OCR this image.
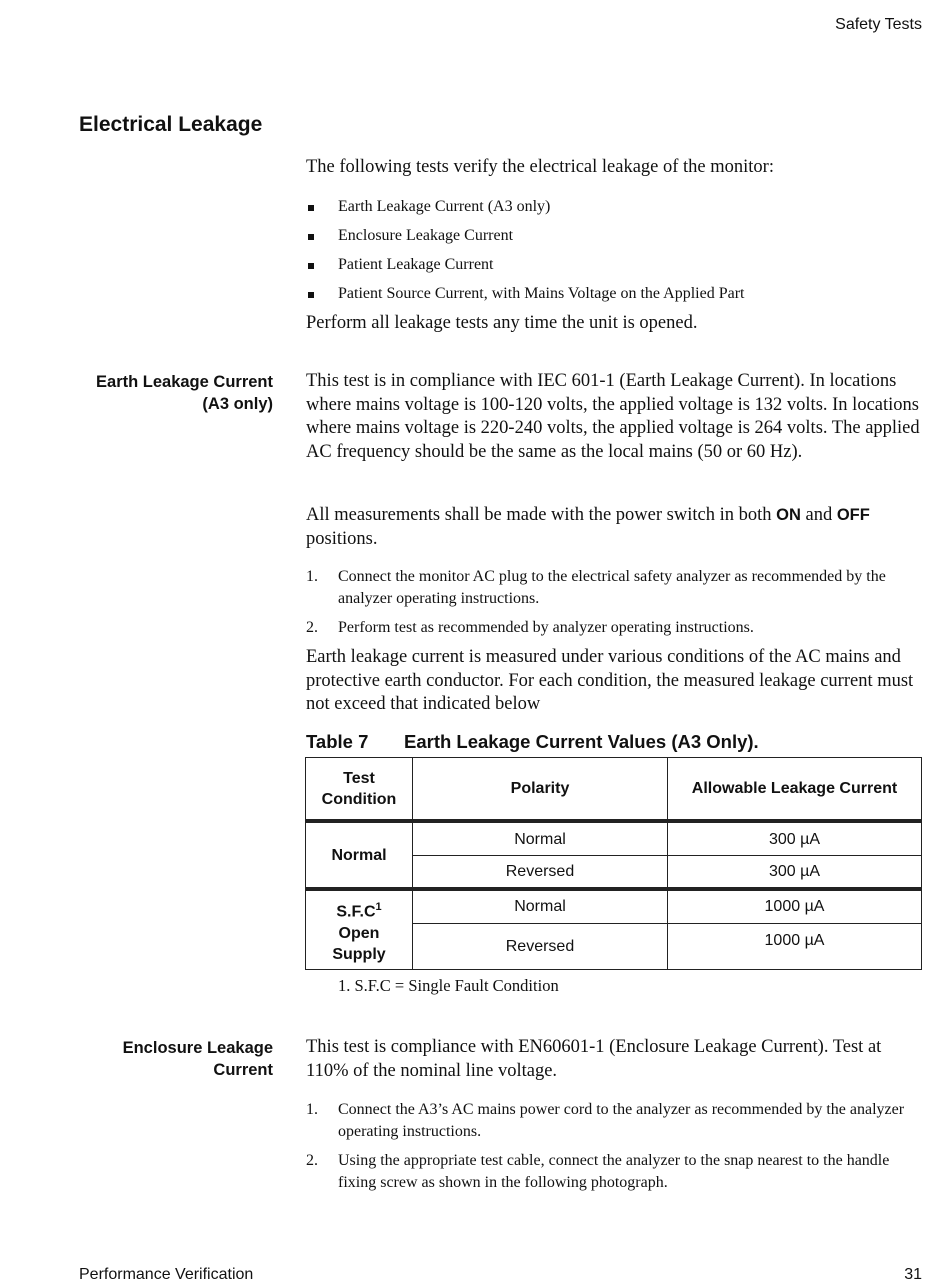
Safety Tests
Electrical Leakage
The following tests verify the electrical leakage of the monitor:
Earth Leakage Current (A3 only)
Enclosure Leakage Current
Patient Leakage Current
Patient Source Current, with Mains Voltage on the Applied Part
Perform all leakage tests any time the unit is opened.
Earth Leakage Current
(A3 only)
This test is in compliance with IEC 601-1 (Earth Leakage Current). In locations where mains voltage is 100-120 volts, the applied voltage is 132 volts. In locations where mains voltage is 220-240 volts, the applied voltage is 264 volts. The applied AC frequency should be the same as the local mains (50 or 60 Hz).
All measurements shall be made with the power switch in both ON and OFF
positions.
1. Connect the monitor AC plug to the electrical safety analyzer as recommended by the analyzer operating instructions.
2. Perform test as recommended by analyzer operating instructions.
Earth leakage current is measured under various conditions of the AC mains and protective earth conductor. For each condition, the measured leakage current must not exceed that indicated below
Table 7 Earth Leakage Current Values (A3 Only).
Test Condition
Polarity	Allowable Leakage Current
Normal
Normal	300 µA
Reversed	300 µA
$S.F.C^1$
Open Supply
Normal	1000 µA
Reversed	1000 µA
1. S.F.C = Single Fault Condition
Enclosure Leakage
Current
This test is compliance with EN60601-1 (Enclosure Leakage Current). Test at 110% of the nominal line voltage.
1. Connect the A3’s AC mains power cord to the analyzer as recommended by the analyzer operating instructions.
2. Using the appropriate test cable, connect the analyzer to the snap nearest to the handle fixing screw as shown in the following photograph.
Performance Verification	31
